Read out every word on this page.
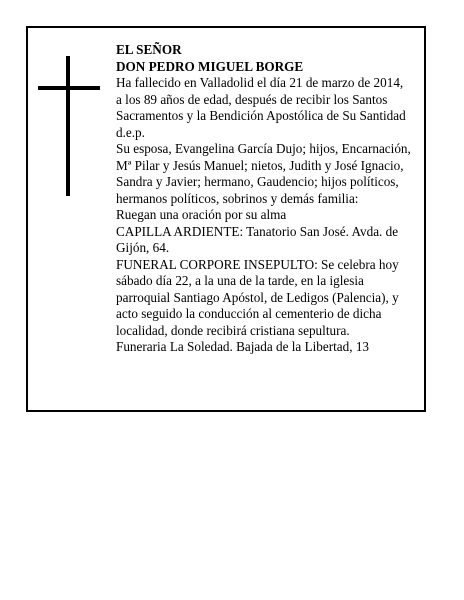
EL SEÑOR
DON PEDRO MIGUEL BORGE
Ha fallecido en Valladolid el día 21 de marzo de 2014,
a los 89 años de edad, después de recibir los Santos
Sacramentos y la Bendición Apostólica de Su Santidad
d.e.p.
Su esposa, Evangelina García Dujo; hijos, Encarnación,
Mª Pilar y Jesús Manuel; nietos, Judith y José Ignacio,
Sandra y Javier; hermano, Gaudencio; hijos políticos,
hermanos políticos, sobrinos y demás familia:
Ruegan una oración por su alma
CAPILLA ARDIENTE: Tanatorio San José. Avda. de
Gijón, 64.
FUNERAL CORPORE INSEPULTO: Se celebra hoy
sábado día 22, a la una de la tarde, en la iglesia
parroquial Santiago Apóstol, de Ledigos (Palencia), y
acto seguido la conducción al cementerio de dicha
localidad, donde recibirá cristiana sepultura.
Funeraria La Soledad. Bajada de la Libertad, 13
